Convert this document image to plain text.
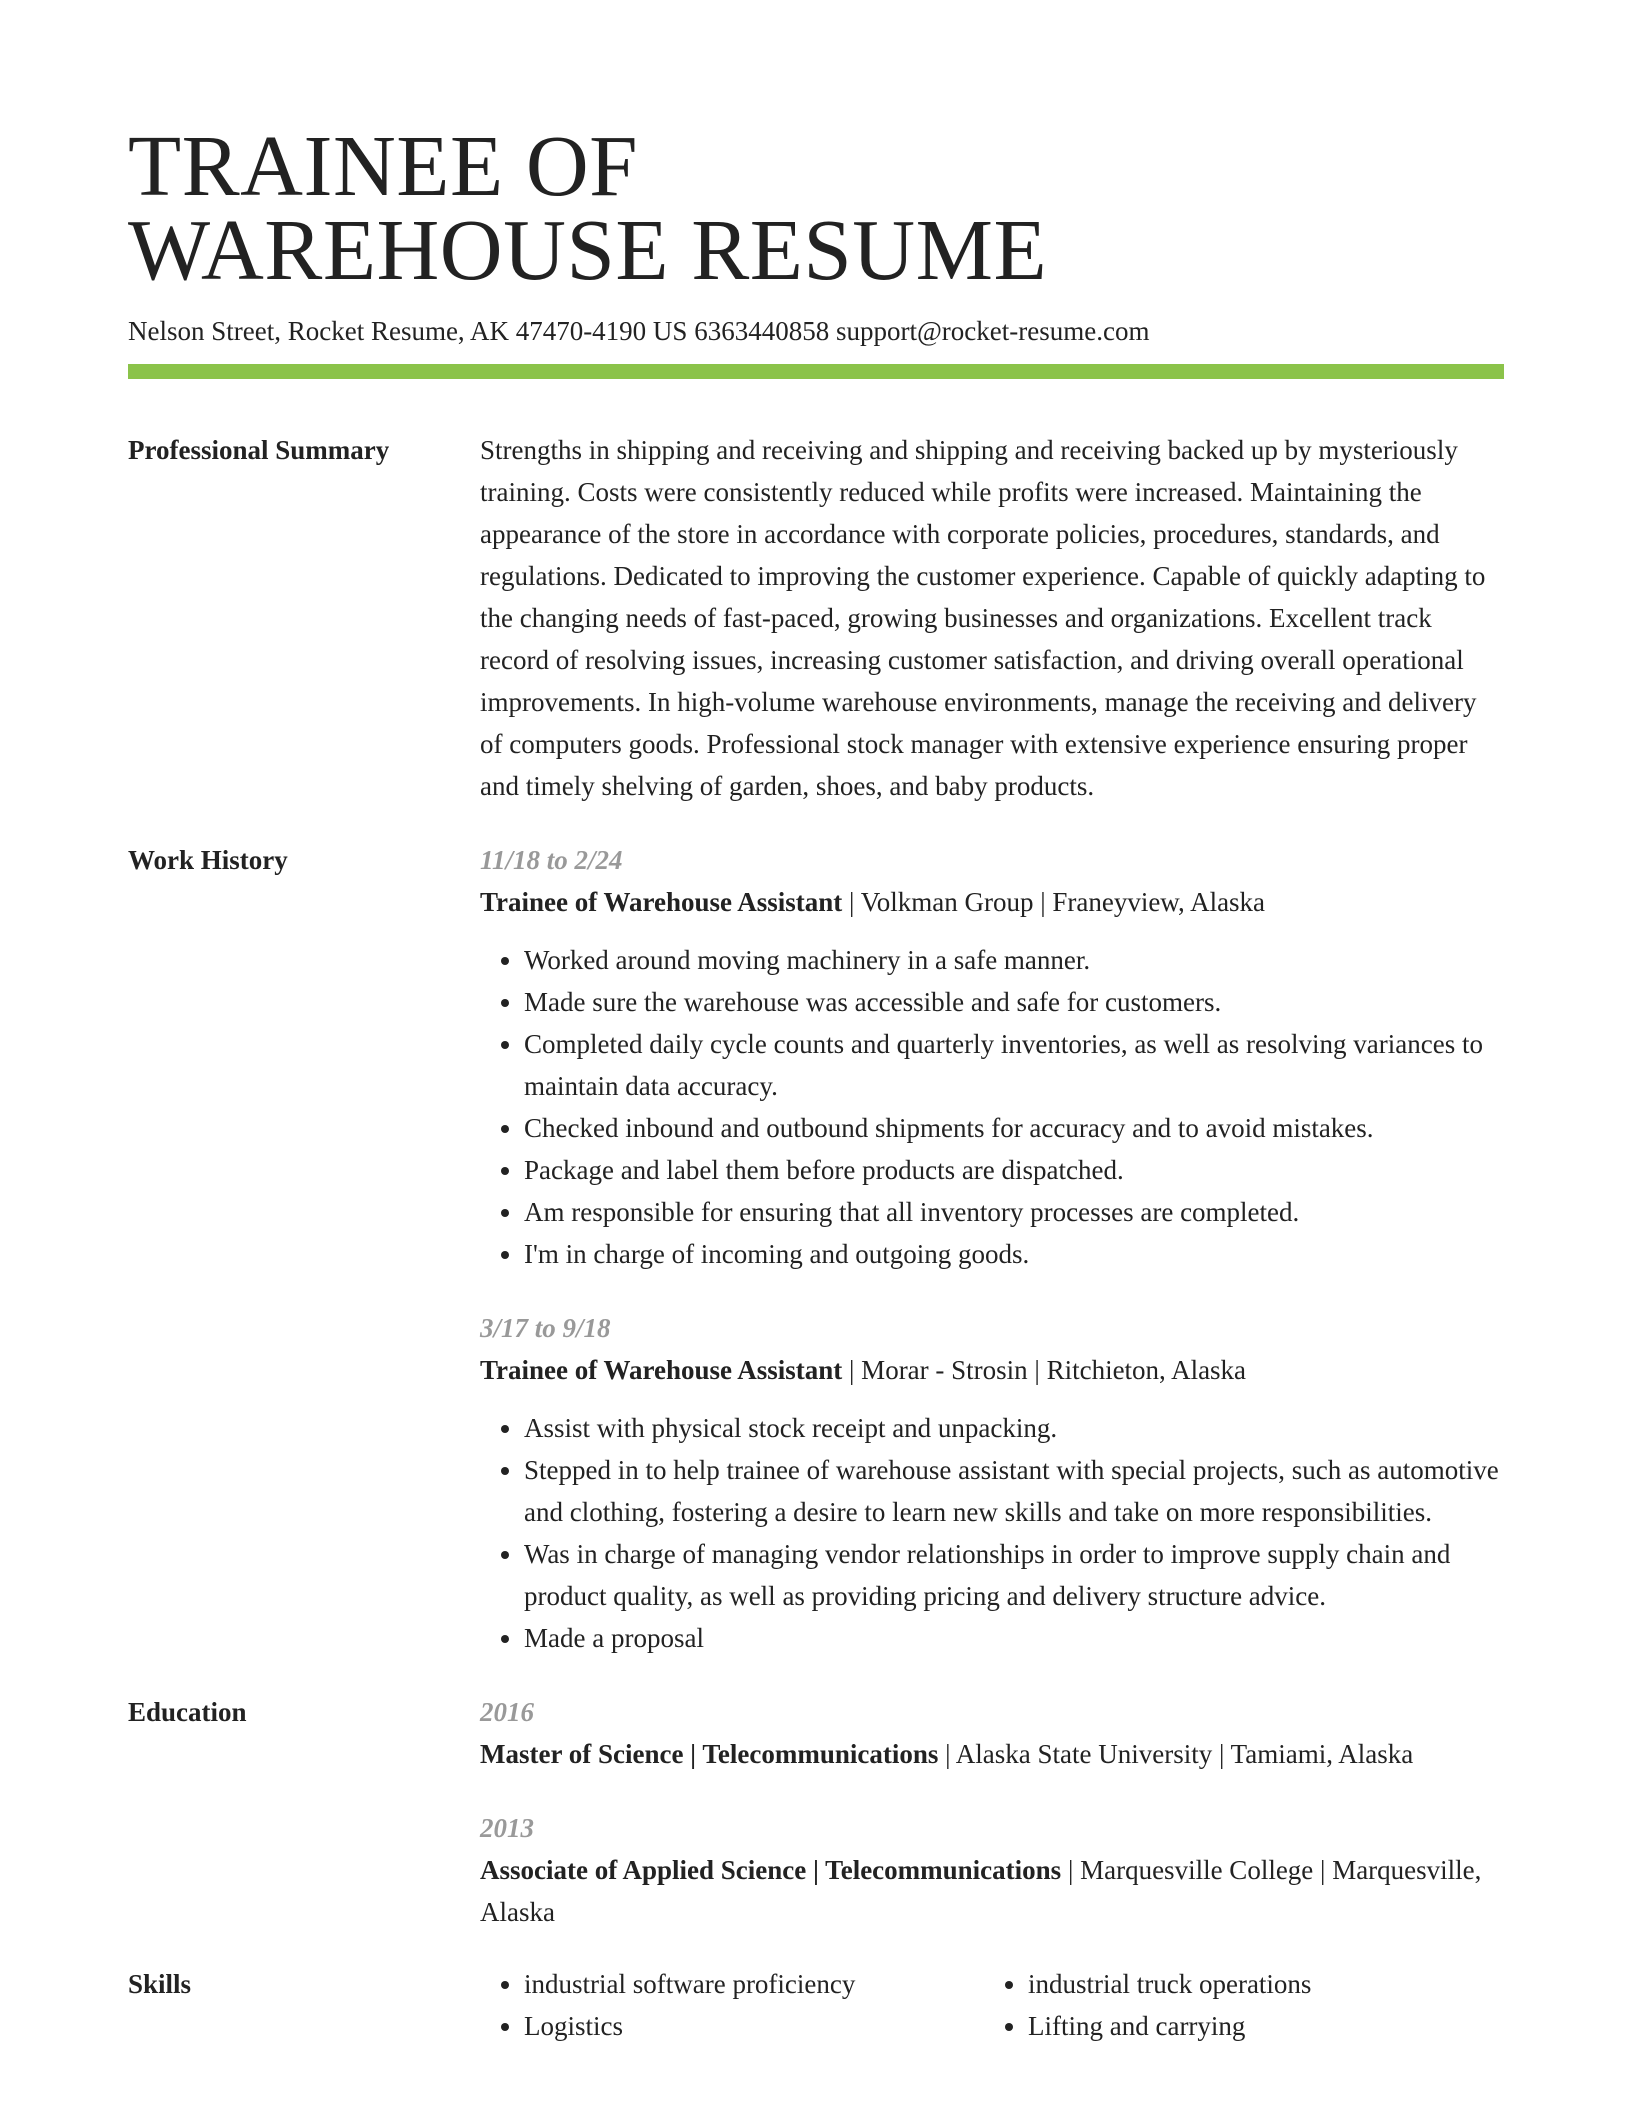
TRAINEE OF
WAREHOUSE RESUME
Nelson Street, Rocket Resume, AK 47470-4190 US 6363440858 support@rocket-resume.com
Professional Summary	Strengths in shipping and receiving and shipping and receiving backed up by mysteriously training. Costs were consistently reduced while profits were increased. Maintaining the appearance of the store in accordance with corporate policies, procedures, standards, and regulations. Dedicated to improving the customer experience. Capable of quickly adapting to the changing needs of fast-paced, growing businesses and organizations. Excellent track record of resolving issues, increasing customer satisfaction, and driving overall operational improvements. In high-volume warehouse environments, manage the receiving and delivery of computers goods. Professional stock manager with extensive experience ensuring proper and timely shelving of garden, shoes, and baby products.
Work History	11/18 to 2/24
Trainee of Warehouse Assistant | Volkman Group | Franeyview, Alaska
• Worked around moving machinery in a safe manner.
• Made sure the warehouse was accessible and safe for customers.
• Completed daily cycle counts and quarterly inventories, as well as resolving variances to maintain data accuracy.
• Checked inbound and outbound shipments for accuracy and to avoid mistakes.
• Package and label them before products are dispatched.
• Am responsible for ensuring that all inventory processes are completed.
• I'm in charge of incoming and outgoing goods.
3/17 to 9/18
Trainee of Warehouse Assistant | Morar - Strosin | Ritchieton, Alaska
• Assist with physical stock receipt and unpacking.
• Stepped in to help trainee of warehouse assistant with special projects, such as automotive and clothing, fostering a desire to learn new skills and take on more responsibilities.
• Was in charge of managing vendor relationships in order to improve supply chain and product quality, as well as providing pricing and delivery structure advice.
• Made a proposal
Education	2016
Master of Science | Telecommunications | Alaska State University | Tamiami, Alaska
2013
Associate of Applied Science | Telecommunications | Marquesville College | Marquesville, Alaska
Skills
•	industrial software proficiency
• Logistics
• industrial truck operations
• Lifting and carrying
